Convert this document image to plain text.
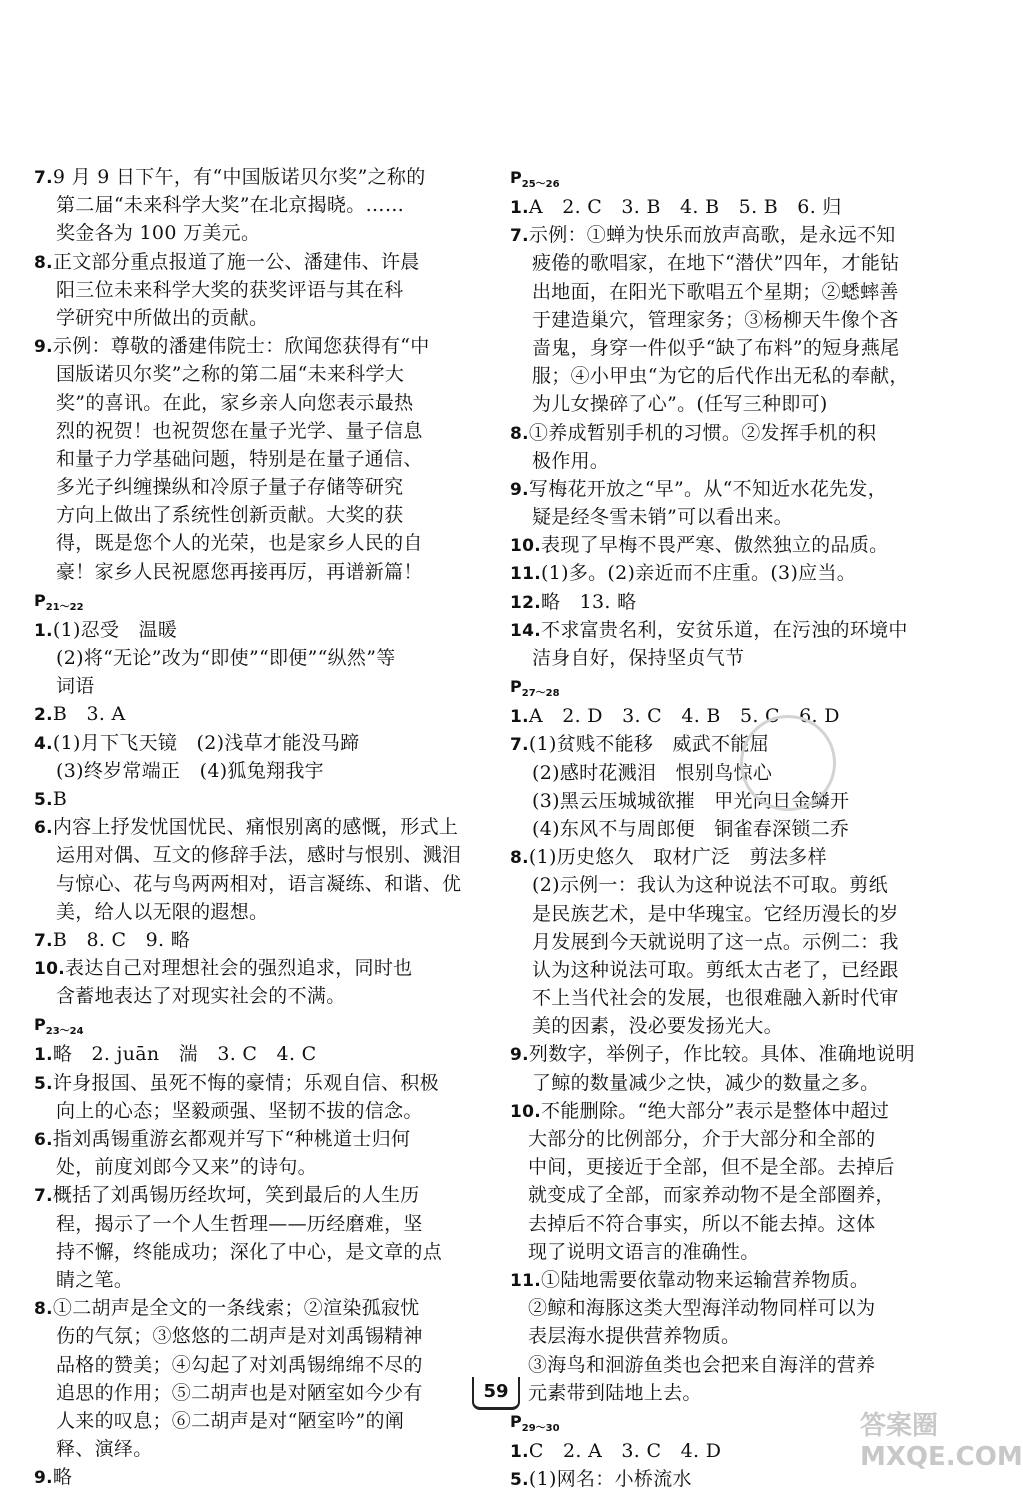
7.9 月 9 日下午，有“中国版诺贝尔奖”之称的
第二届“未来科学大奖”在北京揭晓。……
奖金各为 100 万美元。
8.正文部分重点报道了施一公、潘建伟、许晨
阳三位未来科学大奖的获奖评语与其在科
学研究中所做出的贡献。
9.示例：尊敬的潘建伟院士：欣闻您获得有“中
国版诺贝尔奖”之称的第二届“未来科学大
奖”的喜讯。在此，家乡亲人向您表示最热
烈的祝贺！也祝贺您在量子光学、量子信息
和量子力学基础问题，特别是在量子通信、
多光子纠缠操纵和冷原子量子存储等研究
方向上做出了系统性创新贡献。大奖的获
得，既是您个人的光荣，也是家乡人民的自
豪！家乡人民祝愿您再接再厉，再谱新篇！
$P_{21\sim 22}$
1.(1)忍受　温暖
(2)将“无论”改为“即使”“即便”“纵然”等
词语
2.B　3. A
4.(1)月下飞天镜　(2)浅草才能没马蹄
(3)终岁常端正　(4)狐兔翔我宇
5.B
6.内容上抒发忧国忧民、痛恨别离的感慨，形式上
运用对偶、互文的修辞手法，感时与恨别、溅泪
与惊心、花与鸟两两相对，语言凝练、和谐、优
美，给人以无限的遐想。
7.B　8. C　9. 略
10.表达自己对理想社会的强烈追求，同时也
含蓄地表达了对现实社会的不满。
$P_{23\sim 24}$
1.略　2. juān　湍　3. C　4. C
5.许身报国、虽死不悔的豪情；乐观自信、积极
向上的心态；坚毅顽强、坚韧不拔的信念。
6.指刘禹锡重游玄都观并写下“种桃道士归何
处，前度刘郎今又来”的诗句。
7.概括了刘禹锡历经坎坷，笑到最后的人生历
程，揭示了一个人生哲理——历经磨难，坚
持不懈，终能成功；深化了中心，是文章的点
睛之笔。
8.①二胡声是全文的一条线索；②渲染孤寂忧
伤的气氛；③悠悠的二胡声是对刘禹锡精神
品格的赞美；④勾起了对刘禹锡绵绵不尽的
追思的作用；⑤二胡声也是对陋室如今少有
人来的叹息；⑥二胡声是对“陋室吟”的阐
释、演绎。
9.略
$P_{25\sim 26}$
1.A　2. C　3. B　4. B　5. B　6. 归
7.示例：①蝉为快乐而放声高歌，是永远不知
疲倦的歌唱家，在地下“潜伏”四年，才能钻
出地面，在阳光下歌唱五个星期；②蟋蟀善
于建造巢穴，管理家务；③杨柳天牛像个吝
啬鬼，身穿一件似乎“缺了布料”的短身燕尾
服；④小甲虫“为它的后代作出无私的奉献，
为儿女操碎了心”。(任写三种即可)
8.①养成暂别手机的习惯。②发挥手机的积
极作用。
9.写梅花开放之“早”。从“不知近水花先发，
疑是经冬雪未销”可以看出来。
10.表现了早梅不畏严寒、傲然独立的品质。
11.(1)多。(2)亲近而不庄重。(3)应当。
12.略　13. 略
14.不求富贵名利，安贫乐道，在污浊的环境中
洁身自好，保持坚贞气节
$P_{27\sim 28}$
1.A　2. D　3. C　4. B　5. C　6. D
7.(1)贫贱不能移　威武不能屈
(2)感时花溅泪　恨别鸟惊心
(3)黑云压城城欲摧　甲光向日金鳞开
(4)东风不与周郎便　铜雀春深锁二乔
8.(1)历史悠久　取材广泛　剪法多样
(2)示例一：我认为这种说法不可取。剪纸
是民族艺术，是中华瑰宝。它经历漫长的岁
月发展到今天就说明了这一点。示例二：我
认为这种说法可取。剪纸太古老了，已经跟
不上当代社会的发展，也很难融入新时代审
美的因素，没必要发扬光大。
9.列数字，举例子，作比较。具体、准确地说明
了鲸的数量减少之快，减少的数量之多。
10.不能删除。“绝大部分”表示是整体中超过
大部分的比例部分，介于大部分和全部的
中间，更接近于全部，但不是全部。去掉后
就变成了全部，而家养动物不是全部圈养，
去掉后不符合事实，所以不能去掉。这体
现了说明文语言的准确性。
11.①陆地需要依靠动物来运输营养物质。
②鲸和海豚这类大型海洋动物同样可以为
表层海水提供营养物质。
③海鸟和洄游鱼类也会把来自海洋的营养
元素带到陆地上去。
$P_{29\sim 30}$
1.C　2. A　3. C　4. D
5.(1)网名：小桥流水
59
答案圈 MXQE.COM
